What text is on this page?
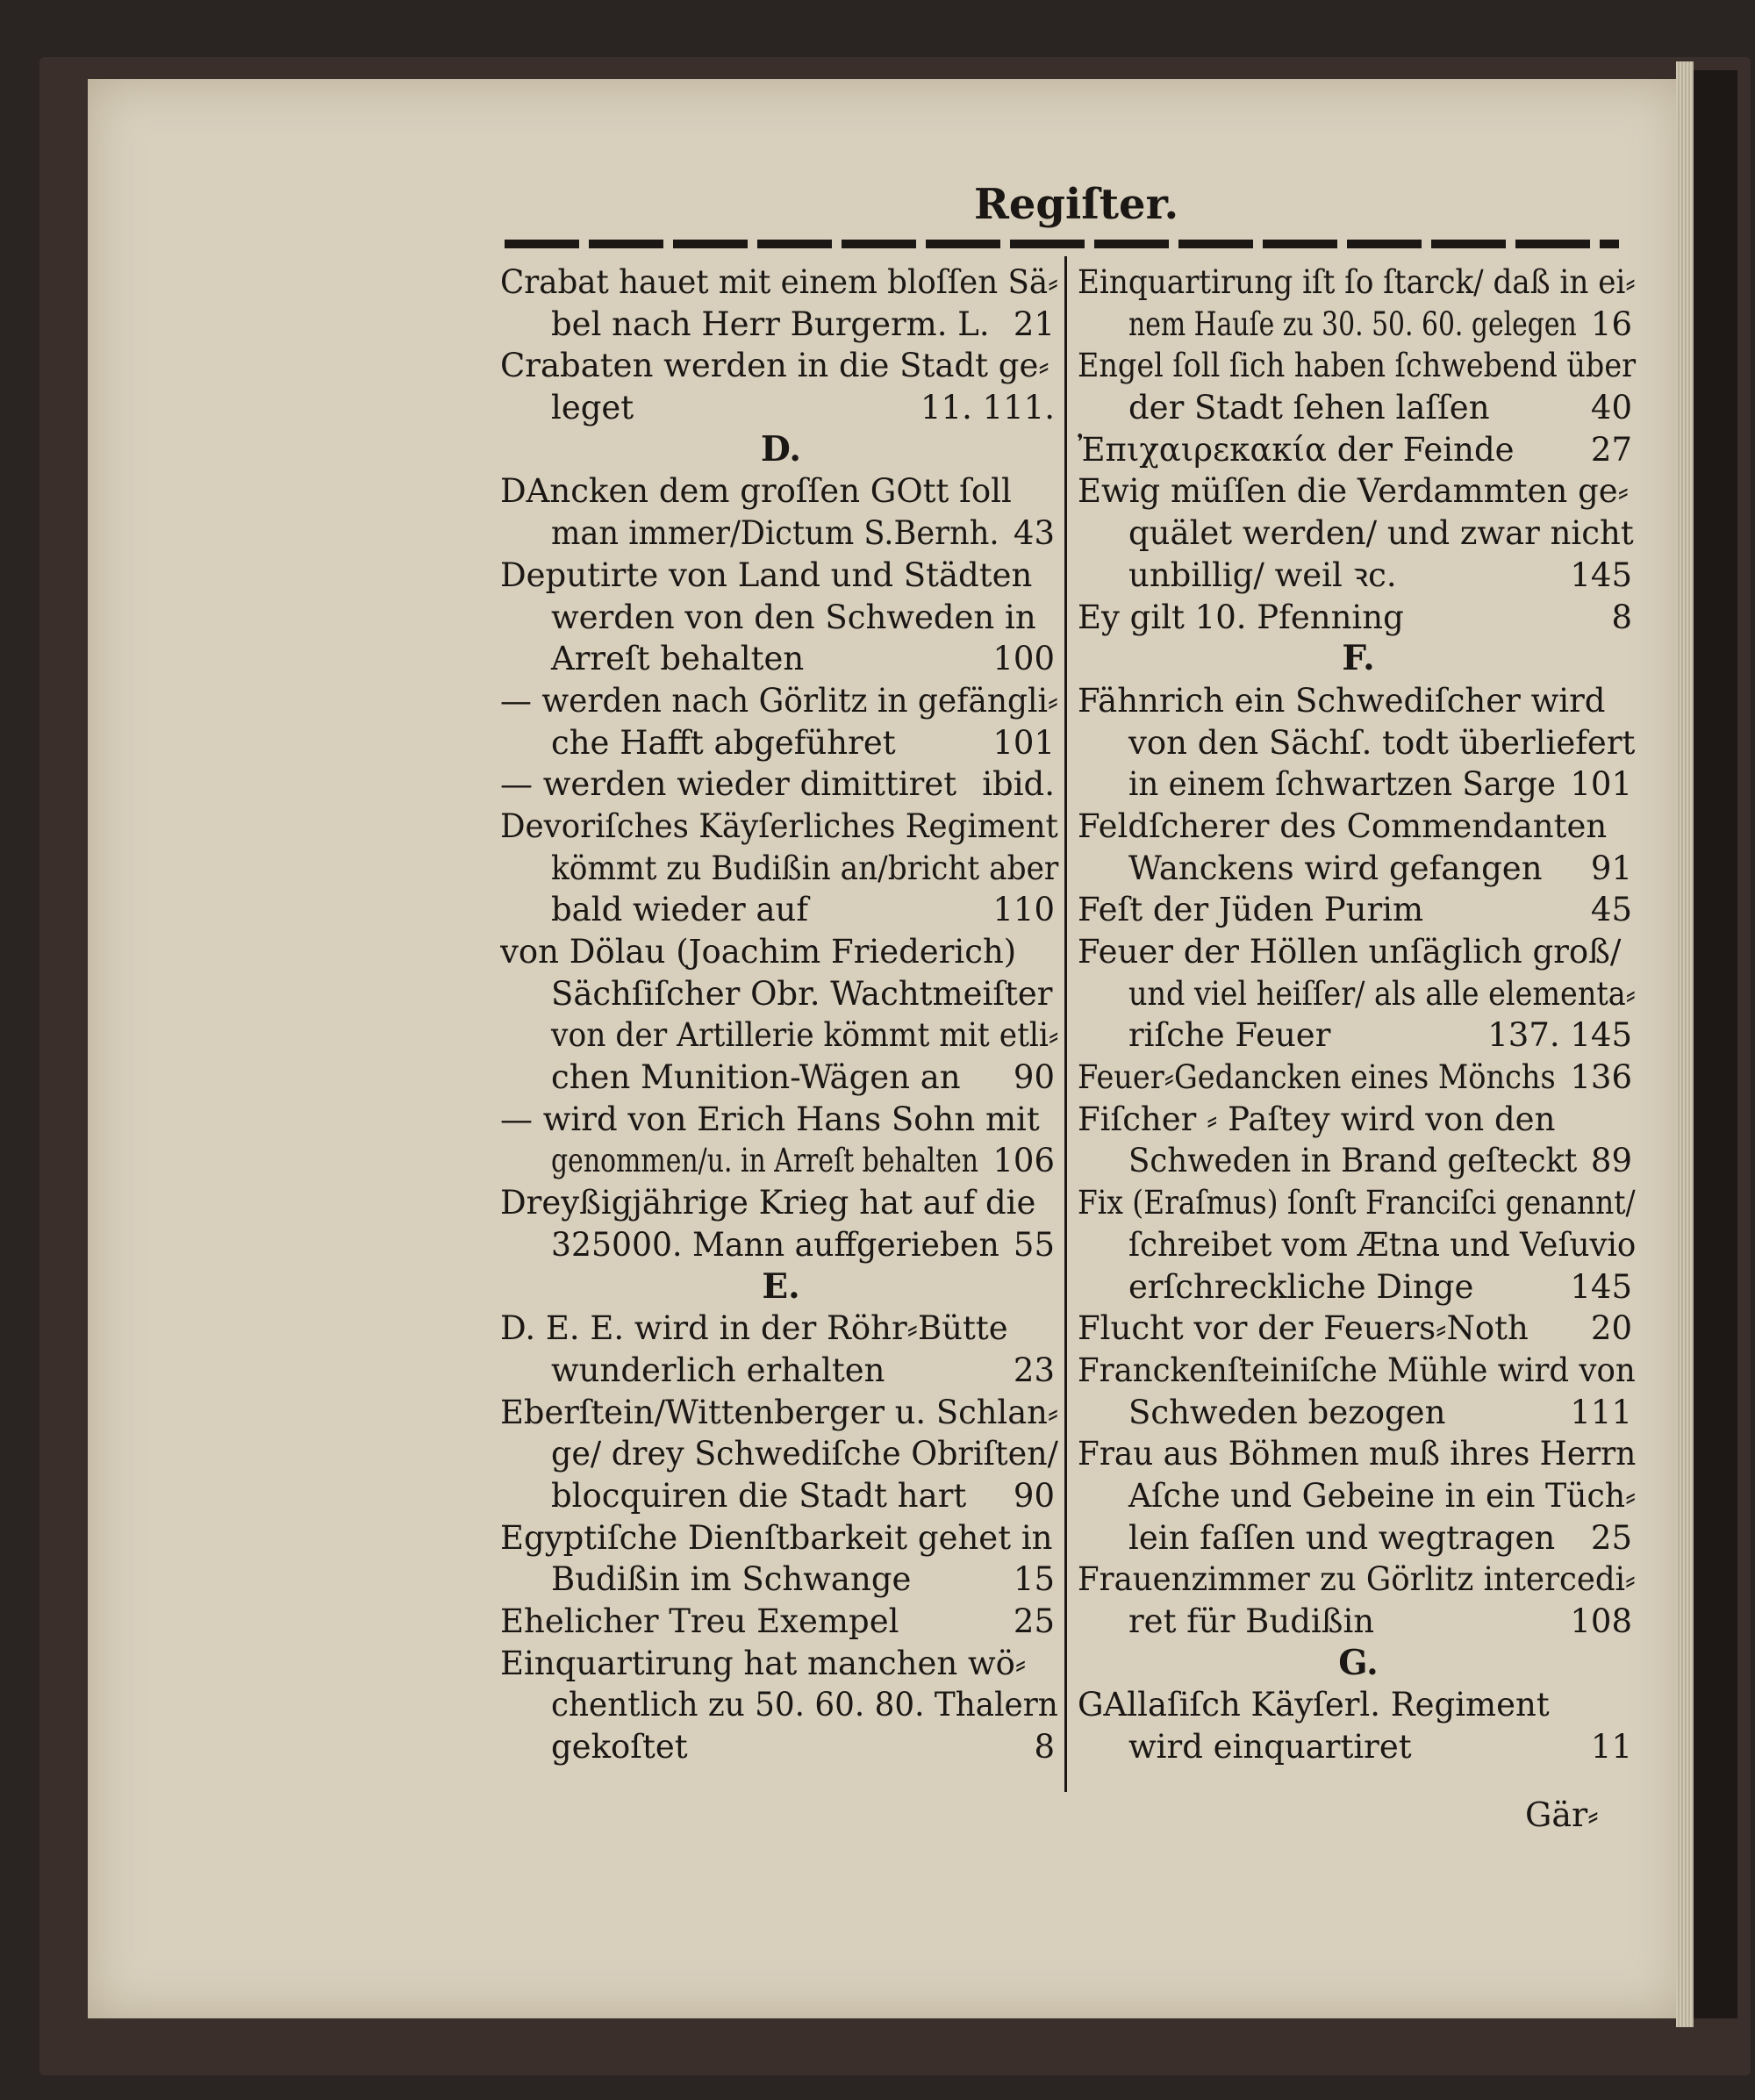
Regiſter.
Crabat hauet mit einem bloſſen Sä⸗
bel nach Herr Burgerm. L. 21
Crabaten werden in die Stadt ge⸗
leget	11. 111.
D.
DAncken dem groſſen GOtt ſoll
man immer/Dictum S.Bernh. 43
Deputirte von Land und Städten
werden von den Schweden in
Arreſt behalten	100
— werden nach Görlitz in gefängli⸗
che Hafft abgeführet	101
— werden wieder dimittiret ibid.
Devoriſches Käyſerliches Regiment
kömmt zu Budißin an/bricht aber
bald wieder auf	110
von Dölau (Joachim Friederich)
Sächſiſcher Obr. Wachtmeiſter
von der Artillerie kömmt mit etli⸗
chen Munition-Wägen an 90
— wird von Erich Hans Sohn mit
genommen/u. in Arreſt behalten 106
Dreyßigjährige Krieg hat auf die
325000. Mann auffgerieben 55
E.
D. E. E. wird in der Röhr⸗Bütte
wunderlich erhalten	23
Eberſtein/Wittenberger u. Schlan⸗
ge/ drey Schwediſche Obriſten/
blocquiren die Stadt hart 90
Egyptiſche Dienſtbarkeit gehet in
Budißin im Schwange	15
Ehelicher Treu Exempel	25
Einquartirung hat manchen wö⸗
chentlich zu 50. 60. 80. Thalern
gekoſtet	8
Einquartirung iſt ſo ſtarck/ daß in ei⸗
nem Hauſe zu 30. 50. 60. gelegen 16
Engel ſoll ſich haben ſchwebend über
der Stadt ſehen laſſen	40
Ἐπιχαιρεκακία der Feinde 27
Ewig müſſen die Verdammten ge⸗
quälet werden/ und zwar nicht
unbillig/ weil ꝛc.	145
Ey gilt 10. Pfenning	8
F.
Fähnrich ein Schwediſcher wird
von den Sächſ. todt überliefert
in einem ſchwartzen Sarge 101
Feldſcherer des Commendanten
Wanckens wird gefangen 91
Feſt der Jüden Purim	45
Feuer der Höllen unſäglich groß/
und viel heiſſer/ als alle elementa⸗
riſche Feuer	137. 145
Feuer⸗Gedancken eines Mönchs 136
Fiſcher ⸗ Paſtey wird von den
Schweden in Brand geſteckt 89
Fix (Eraſmus) ſonſt Franciſci genannt/
ſchreibet vom Ætna und Veſuvio
erſchreckliche Dinge	145
Flucht vor der Feuers⸗Noth 20
Franckenſteiniſche Mühle wird von
Schweden bezogen	111
Frau aus Böhmen muß ihres Herrn
Aſche und Gebeine in ein Tüch⸗
lein faſſen und wegtragen 25
Frauenzimmer zu Görlitz intercedi⸗
ret für Budißin	108
G.
GAllaſiſch Käyſerl. Regiment
wird einquartiret	11
Gär⸗
